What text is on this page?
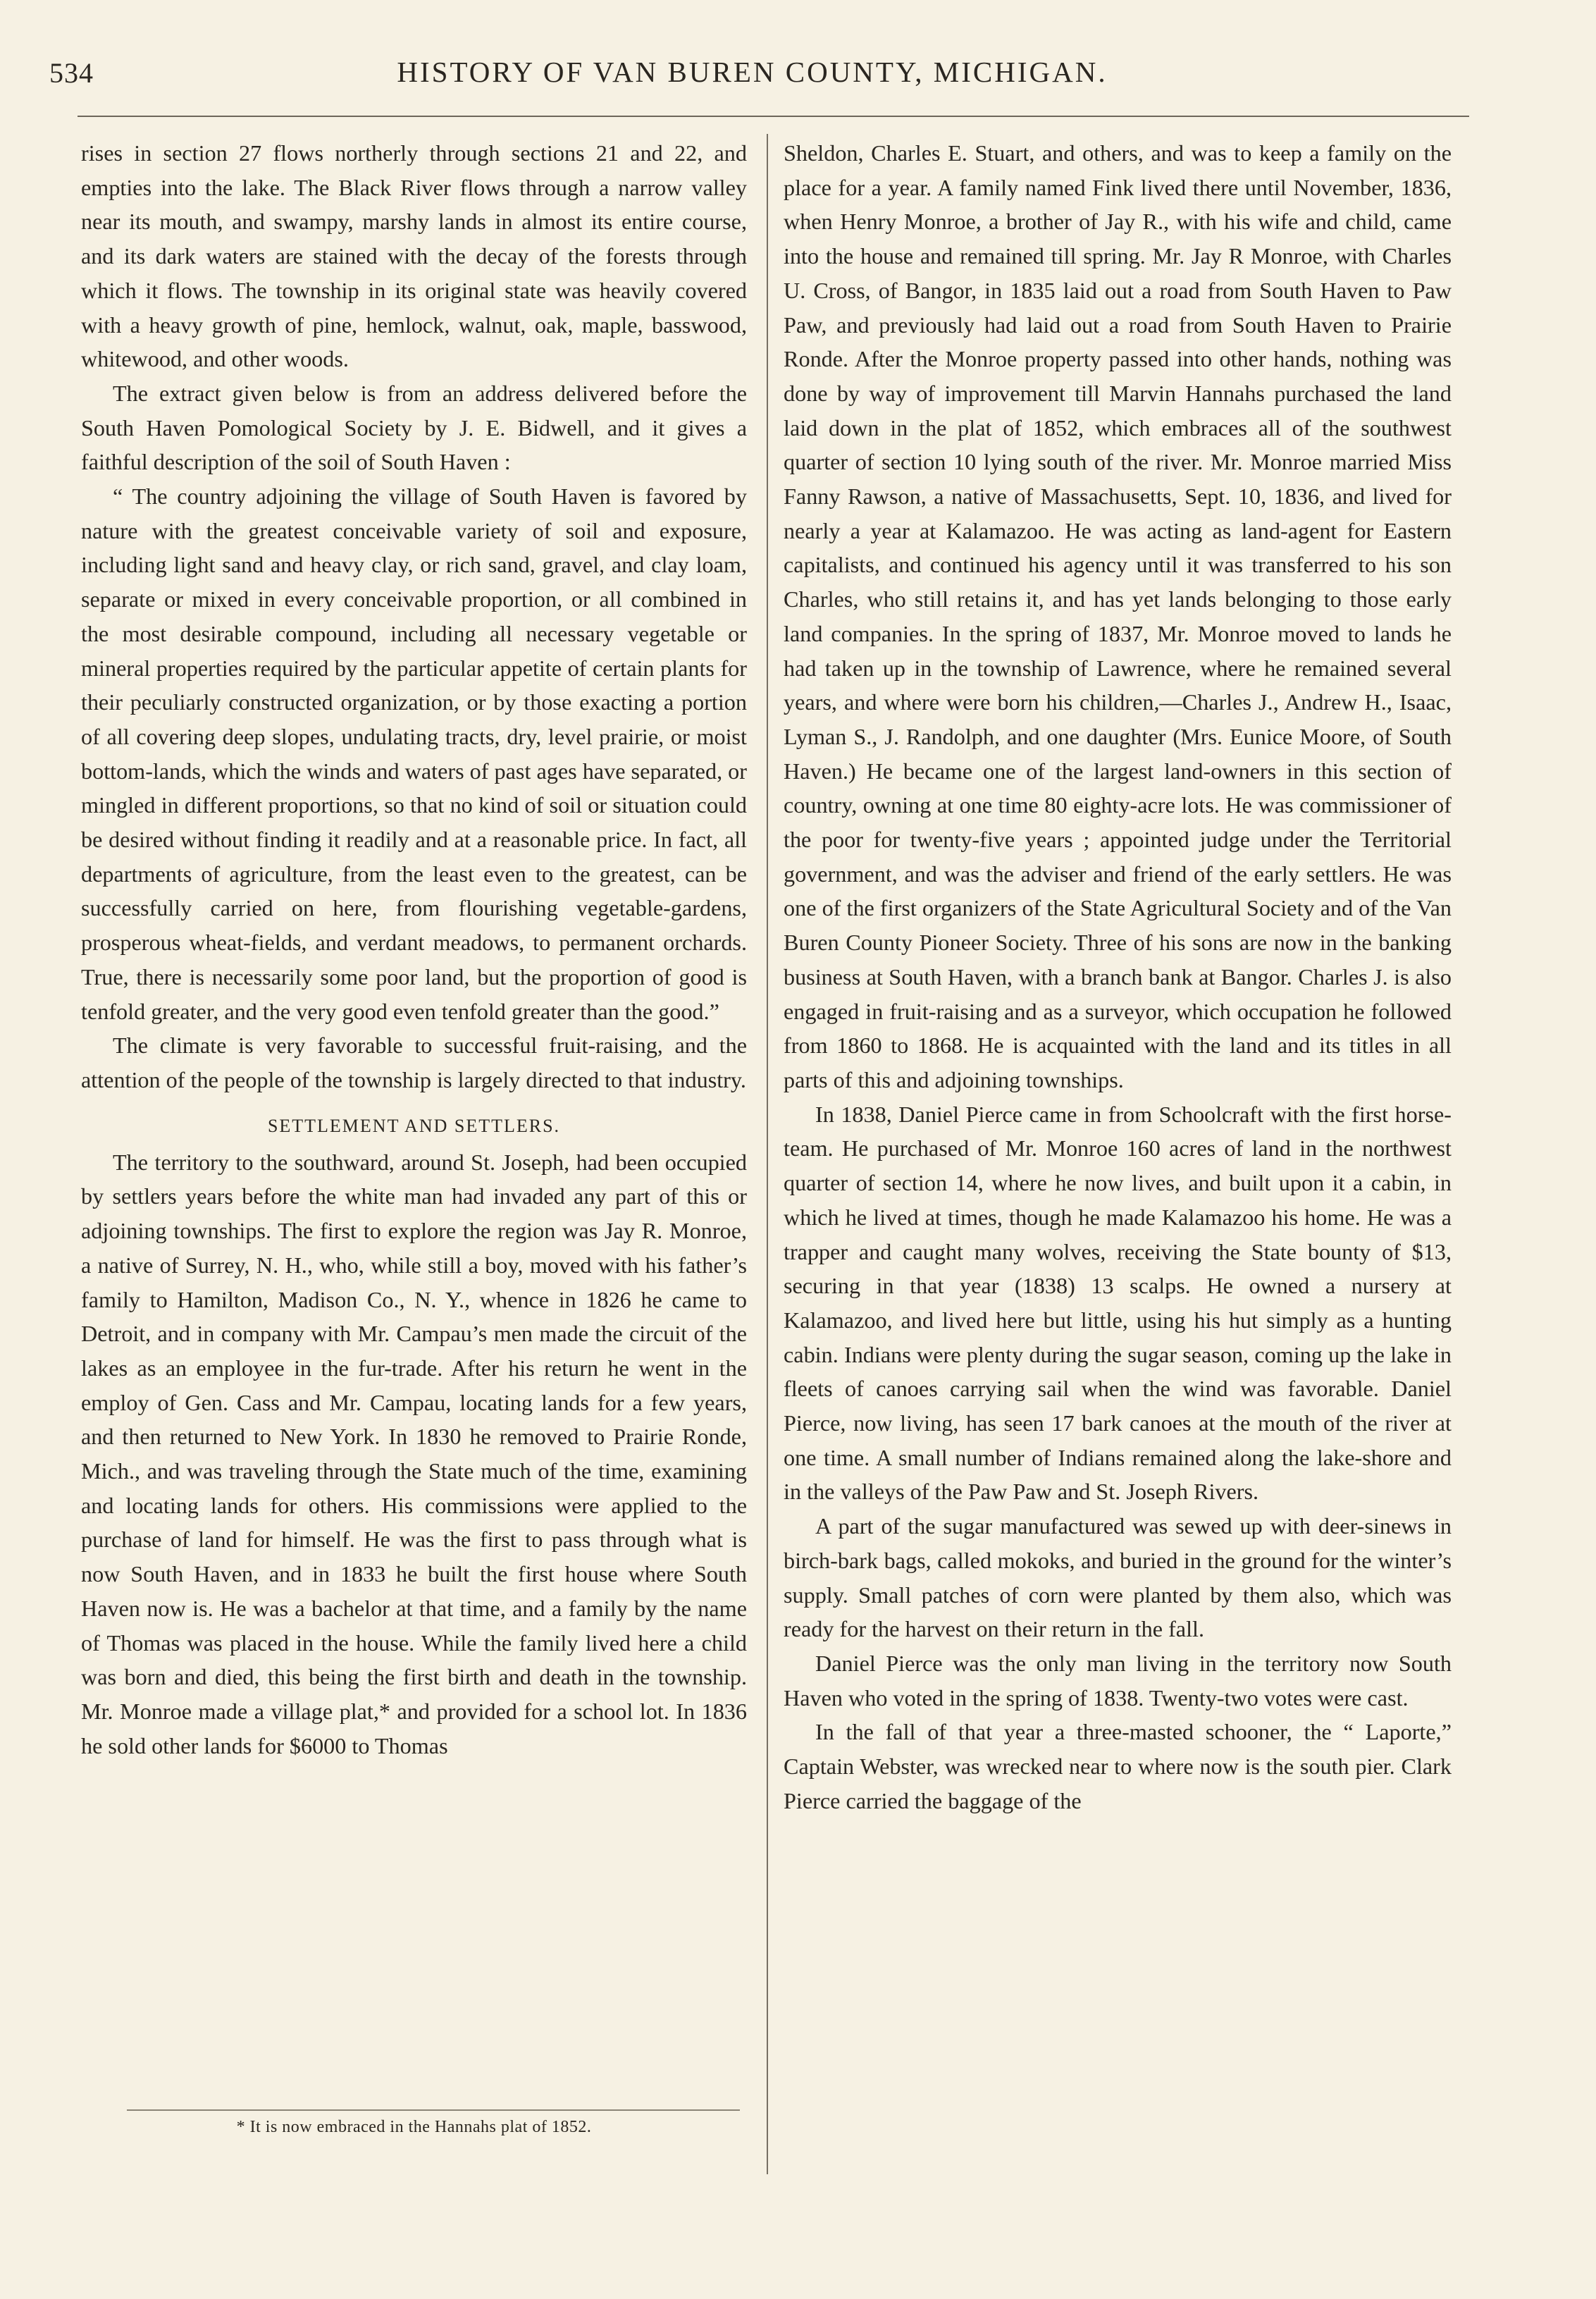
534	HISTORY OF VAN BUREN COUNTY, MICHIGAN.

rises in section 27 flows northerly through sections 21 and 22, and empties into the lake. The Black River flows through a narrow valley near its mouth, and swampy, marshy lands in almost its entire course, and its dark waters are stained with the decay of the forests through which it flows. The township in its original state was heavily covered with a heavy growth of pine, hemlock, walnut, oak, maple, basswood, whitewood, and other woods.

The extract given below is from an address delivered before the South Haven Pomological Society by J. E. Bidwell, and it gives a faithful description of the soil of South Haven :

“ The country adjoining the village of South Haven is favored by nature with the greatest conceivable variety of soil and exposure, including light sand and heavy clay, or rich sand, gravel, and clay loam, separate or mixed in every conceivable proportion, or all combined in the most desirable compound, including all necessary vegetable or mineral properties required by the particular appetite of certain plants for their peculiarly constructed organization, or by those exacting a portion of all covering deep slopes, undulating tracts, dry, level prairie, or moist bottom-lands, which the winds and waters of past ages have separated, or mingled in different proportions, so that no kind of soil or situation could be desired without finding it readily and at a reasonable price. In fact, all departments of agriculture, from the least even to the greatest, can be successfully carried on here, from flourishing vegetable-gardens, prosperous wheat-fields, and verdant meadows, to permanent orchards. True, there is necessarily some poor land, but the proportion of good is tenfold greater, and the very good even tenfold greater than the good.”

The climate is very favorable to successful fruit-raising, and the attention of the people of the township is largely directed to that industry.

SETTLEMENT AND SETTLERS.

The territory to the southward, around St. Joseph, had been occupied by settlers years before the white man had invaded any part of this or adjoining townships. The first to explore the region was Jay R. Monroe, a native of Surrey, N. H., who, while still a boy, moved with his father’s family to Hamilton, Madison Co., N. Y., whence in 1826 he came to Detroit, and in company with Mr. Campau’s men made the circuit of the lakes as an employee in the fur-trade. After his return he went in the employ of Gen. Cass and Mr. Campau, locating lands for a few years, and then returned to New York. In 1830 he removed to Prairie Ronde, Mich., and was traveling through the State much of the time, examining and locating lands for others. His commissions were applied to the purchase of land for himself. He was the first to pass through what is now South Haven, and in 1833 he built the first house where South Haven now is. He was a bachelor at that time, and a family by the name of Thomas was placed in the house. While the family lived here a child was born and died, this being the first birth and death in the township. Mr. Monroe made a village plat,* and provided for a school lot. In 1836 he sold other lands for $6000 to Thomas

Sheldon, Charles E. Stuart, and others, and was to keep a family on the place for a year. A family named Fink lived there until November, 1836, when Henry Monroe, a brother of Jay R., with his wife and child, came into the house and remained till spring. Mr. Jay R Monroe, with Charles U. Cross, of Bangor, in 1835 laid out a road from South Haven to Paw Paw, and previously had laid out a road from South Haven to Prairie Ronde. After the Monroe property passed into other hands, nothing was done by way of improvement till Marvin Hannahs purchased the land laid down in the plat of 1852, which embraces all of the southwest quarter of section 10 lying south of the river. Mr. Monroe married Miss Fanny Rawson, a native of Massachusetts, Sept. 10, 1836, and lived for nearly a year at Kalamazoo. He was acting as land-agent for Eastern capitalists, and continued his agency until it was transferred to his son Charles, who still retains it, and has yet lands belonging to those early land companies. In the spring of 1837, Mr. Monroe moved to lands he had taken up in the township of Lawrence, where he remained several years, and where were born his children,—Charles J., Andrew H., Isaac, Lyman S., J. Randolph, and one daughter (Mrs. Eunice Moore, of South Haven.) He became one of the largest land-owners in this section of country, owning at one time 80 eighty-acre lots. He was commissioner of the poor for twenty-five years ; appointed judge under the Territorial government, and was the adviser and friend of the early settlers. He was one of the first organizers of the State Agricultural Society and of the Van Buren County Pioneer Society. Three of his sons are now in the banking business at South Haven, with a branch bank at Bangor. Charles J. is also engaged in fruit-raising and as a surveyor, which occupation he followed from 1860 to 1868. He is acquainted with the land and its titles in all parts of this and adjoining townships.

In 1838, Daniel Pierce came in from Schoolcraft with the first horse-team. He purchased of Mr. Monroe 160 acres of land in the northwest quarter of section 14, where he now lives, and built upon it a cabin, in which he lived at times, though he made Kalamazoo his home. He was a trapper and caught many wolves, receiving the State bounty of $13, securing in that year (1838) 13 scalps. He owned a nursery at Kalamazoo, and lived here but little, using his hut simply as a hunting cabin. Indians were plenty during the sugar season, coming up the lake in fleets of canoes carrying sail when the wind was favorable. Daniel Pierce, now living, has seen 17 bark canoes at the mouth of the river at one time. A small number of Indians remained along the lake-shore and in the valleys of the Paw Paw and St. Joseph Rivers.

A part of the sugar manufactured was sewed up with deer-sinews in birch-bark bags, called mokoks, and buried in the ground for the winter’s supply. Small patches of corn were planted by them also, which was ready for the harvest on their return in the fall.

Daniel Pierce was the only man living in the territory now South Haven who voted in the spring of 1838. Twenty-two votes were cast.

In the fall of that year a three-masted schooner, the “ Laporte,” Captain Webster, was wrecked near to where now is the south pier. Clark Pierce carried the baggage of the

* It is now embraced in the Hannahs plat of 1852.
